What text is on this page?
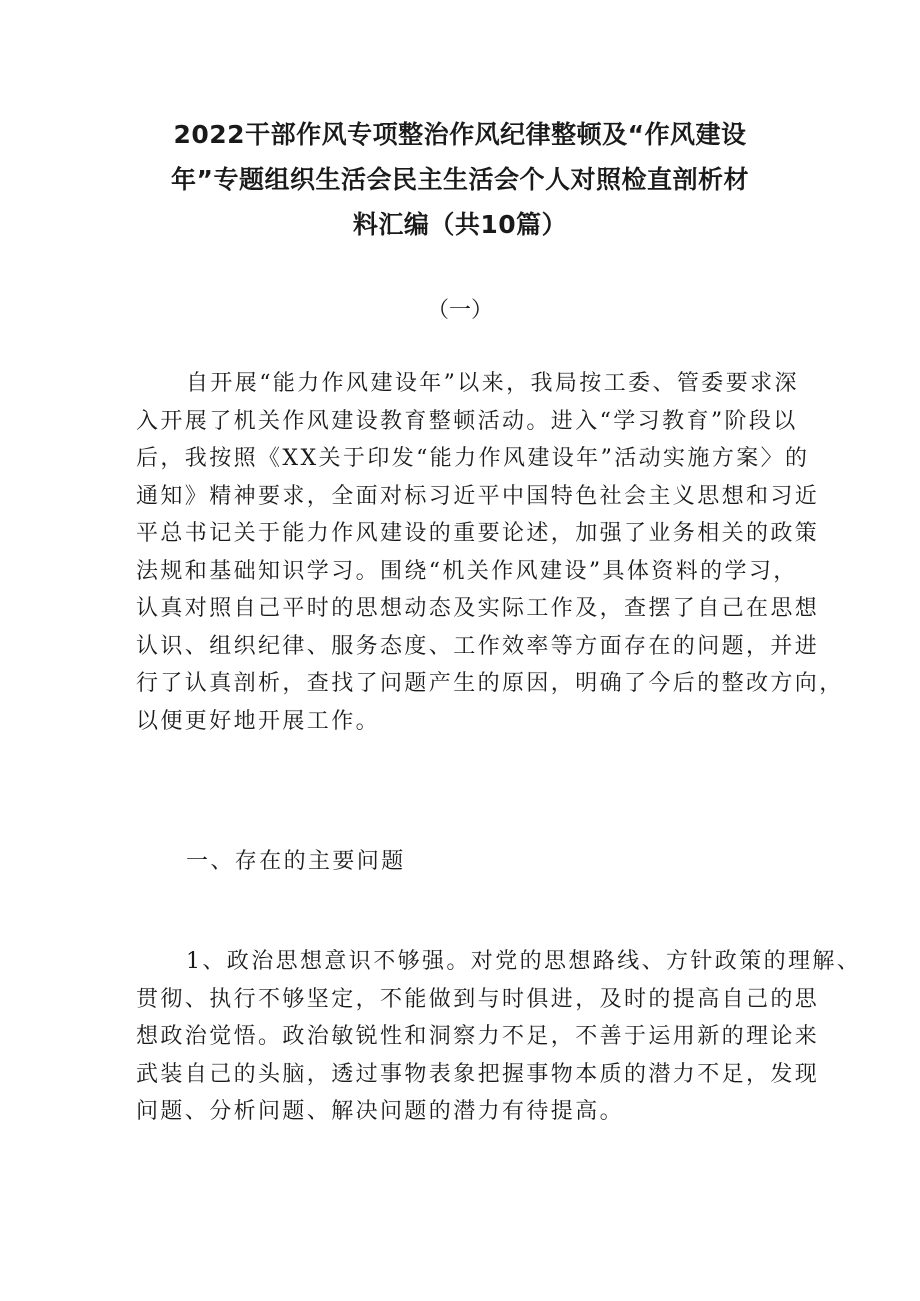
2022干部作风专项整治作风纪律整顿及“作风建设
年”专题组织生活会民主生活会个人对照检直剖析材
料汇编（共10篇）
（一）
自开展“能力作风建设年”以来，我局按工委、管委要求深
入开展了机关作风建设教育整顿活动。进入“学习教育”阶段以
后，我按照《XX关于印发“能力作风建设年”活动实施方案〉的
通知》精神要求，全面对标习近平中国特色社会主义思想和习近
平总书记关于能力作风建设的重要论述，加强了业务相关的政策
法规和基础知识学习。围绕“机关作风建设”具体资料的学习，
认真对照自己平时的思想动态及实际工作及，查摆了自己在思想
认识、组织纪律、服务态度、工作效率等方面存在的问题，并进
行了认真剖析，查找了问题产生的原因，明确了今后的整改方向，
以便更好地开展工作。
一、存在的主要问题
1、政治思想意识不够强。对党的思想路线、方针政策的理解、
贯彻、执行不够坚定，不能做到与时俱进，及时的提高自己的思
想政治觉悟。政治敏锐性和洞察力不足，不善于运用新的理论来
武装自己的头脑，透过事物表象把握事物本质的潜力不足，发现
问题、分析问题、解决问题的潜力有待提高。
